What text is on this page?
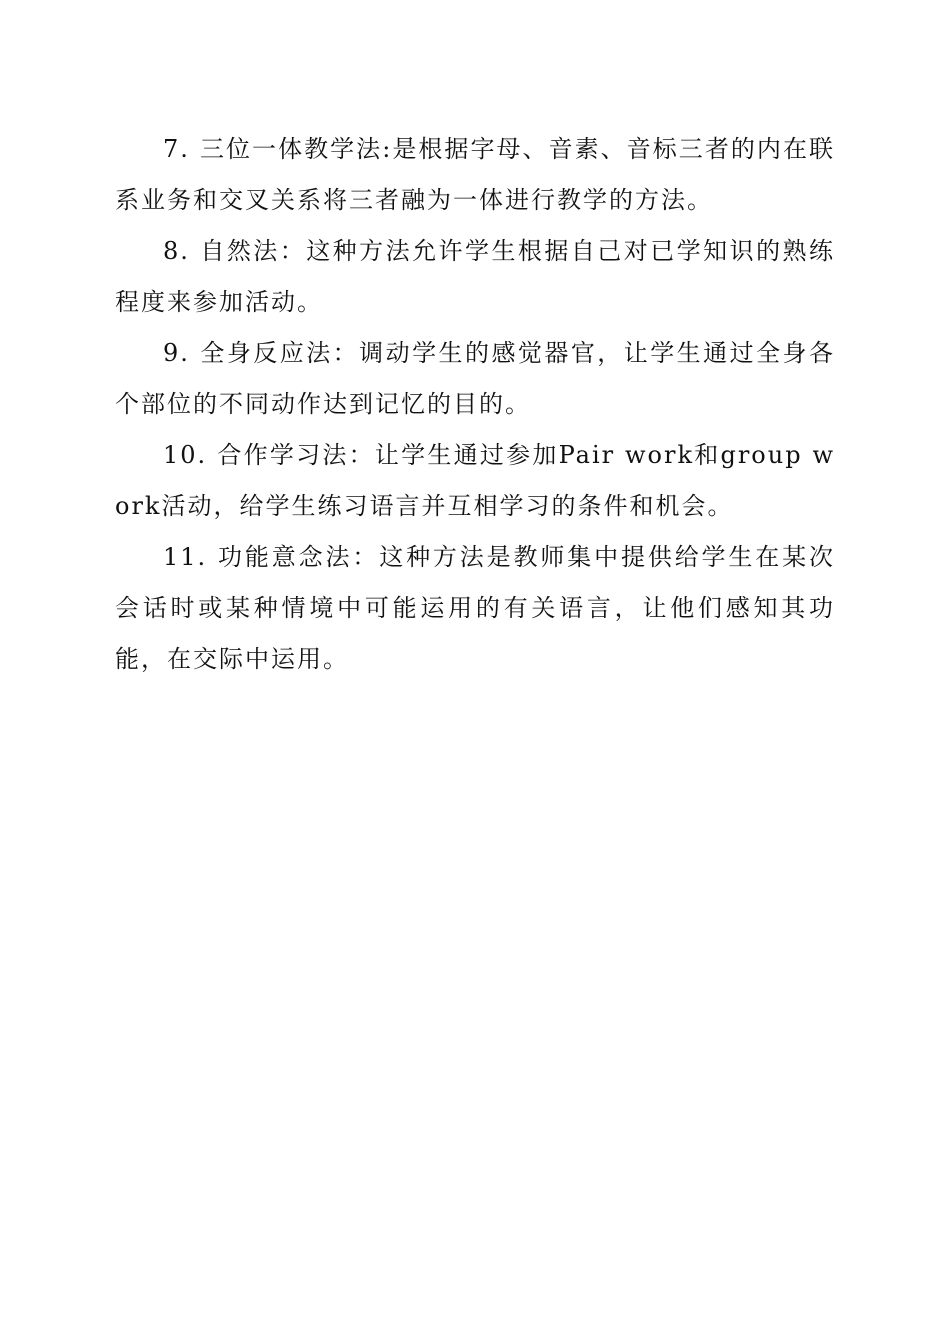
7. 三位一体教学法:是根据字母、音素、音标三者的内在联系业务和交叉关系将三者融为一体进行教学的方法。

8. 自然法：这种方法允许学生根据自己对已学知识的熟练程度来参加活动。

9. 全身反应法：调动学生的感觉器官，让学生通过全身各个部位的不同动作达到记忆的目的。

10. 合作学习法：让学生通过参加Pair work和group work活动，给学生练习语言并互相学习的条件和机会。

11. 功能意念法：这种方法是教师集中提供给学生在某次会话时或某种情境中可能运用的有关语言，让他们感知其功能，在交际中运用。
